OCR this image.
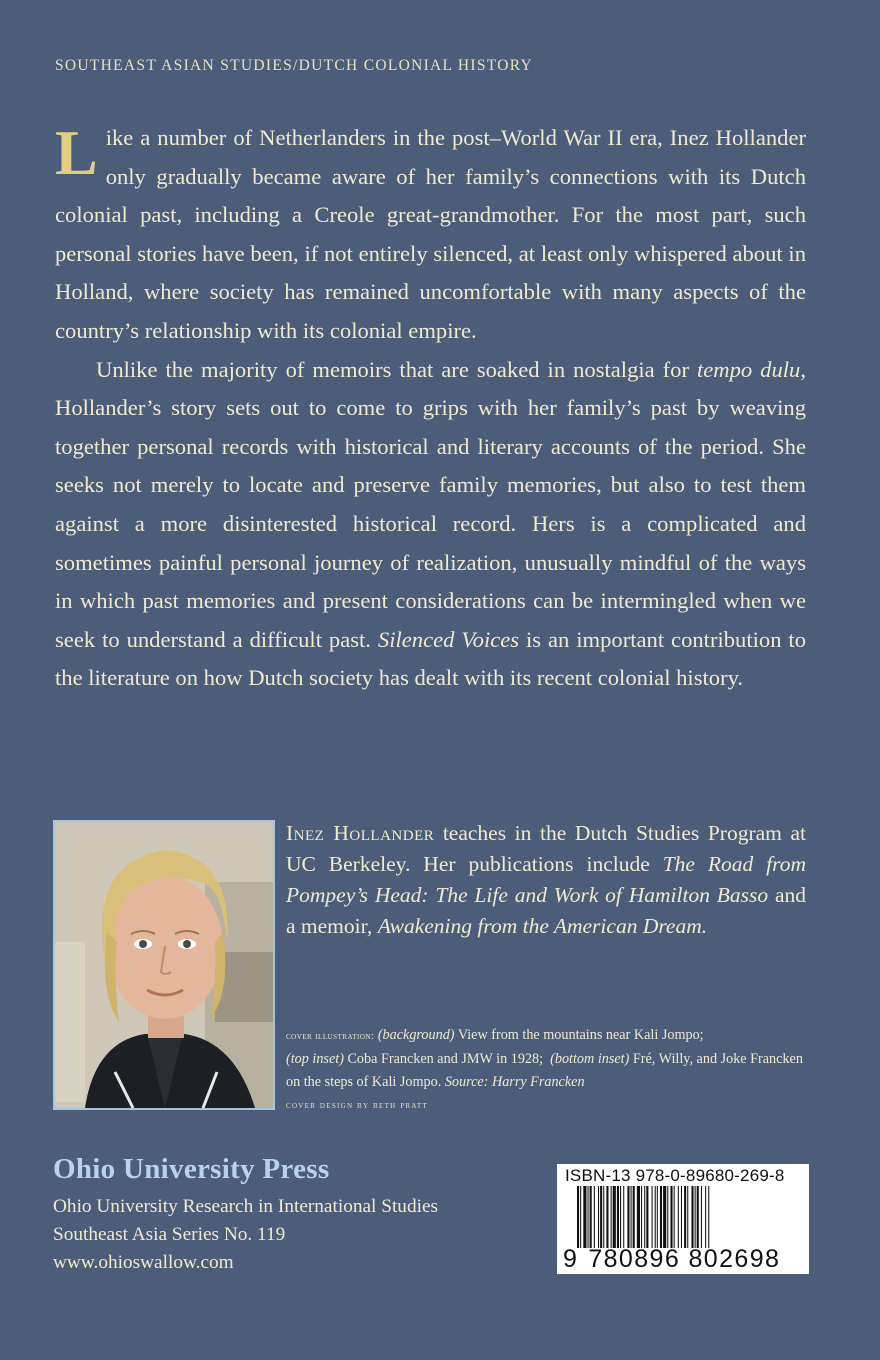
SOUTHEAST ASIAN STUDIES/DUTCH COLONIAL HISTORY

Like a number of Netherlanders in the post–World War II era, Inez Hollander only gradually became aware of her family’s connections with its Dutch colonial past, including a Creole great-grandmother. For the most part, such personal stories have been, if not entirely silenced, at least only whispered about in Holland, where society has remained uncomfortable with many aspects of the country’s relationship with its colonial empire.

Unlike the majority of memoirs that are soaked in nostalgia for tempo dulu, Hollander’s story sets out to come to grips with her family’s past by weaving together personal records with historical and literary accounts of the period. She seeks not merely to locate and preserve family memories, but also to test them against a more disinterested historical record. Hers is a complicated and sometimes painful personal journey of realization, unusually mindful of the ways in which past memories and present considerations can be intermingled when we seek to understand a difficult past. Silenced Voices is an important contribution to the literature on how Dutch society has dealt with its recent colonial history.

Inez Hollander teaches in the Dutch Studies Program at UC Berkeley. Her publications include The Road from Pompey’s Head: The Life and Work of Hamilton Basso and a memoir, Awakening from the American Dream.
cover illustration: (background) View from the mountains near Kali Jompo;
(top inset) Coba Francken and JMW in 1928; (bottom inset) Fré, Willy, and Joke Francken on the steps of Kali Jompo. Source: Harry Francken
cover design by beth pratt
Ohio University Press
Ohio University Research in International Studies
Southeast Asia Series No. 119
www.ohioswallow.com
ISBN-13 978-0-89680-269-8
9 780896 802698
